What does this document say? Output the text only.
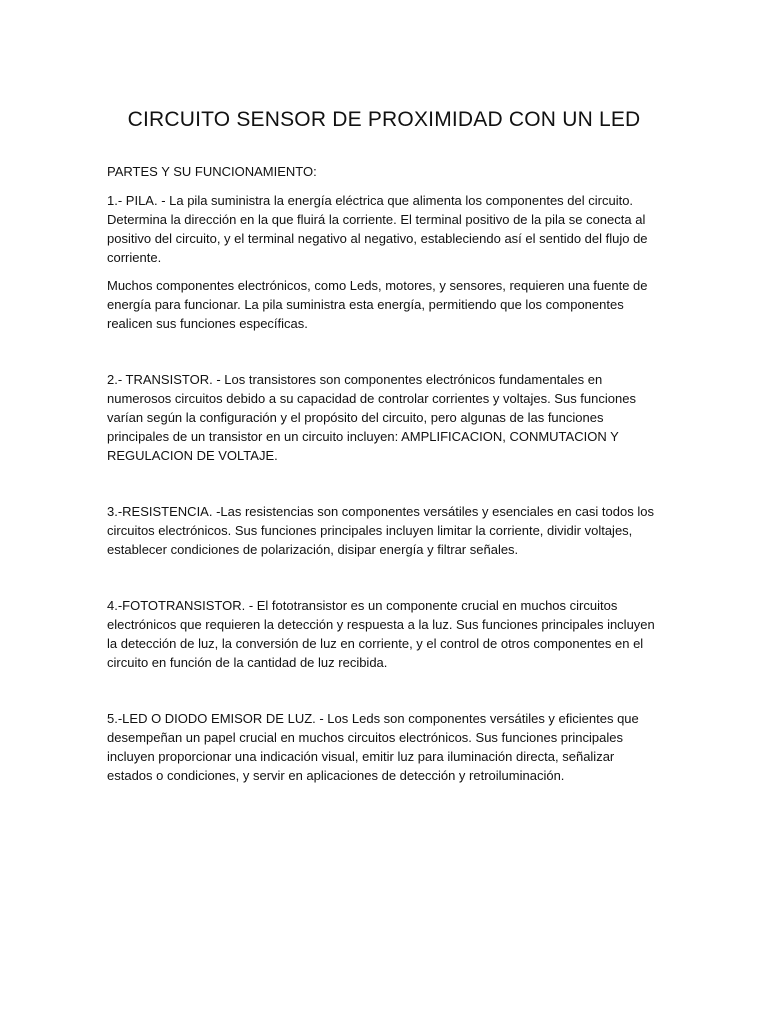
CIRCUITO SENSOR DE PROXIMIDAD CON UN LED

PARTES Y SU FUNCIONAMIENTO:

1.- PILA. - La pila suministra la energía eléctrica que alimenta los componentes del circuito. Determina la dirección en la que fluirá la corriente. El terminal positivo de la pila se conecta al positivo del circuito, y el terminal negativo al negativo, estableciendo así el sentido del flujo de corriente.

Muchos componentes electrónicos, como Leds, motores, y sensores, requieren una fuente de energía para funcionar. La pila suministra esta energía, permitiendo que los componentes realicen sus funciones específicas.

2.- TRANSISTOR. - Los transistores son componentes electrónicos fundamentales en numerosos circuitos debido a su capacidad de controlar corrientes y voltajes. Sus funciones varían según la configuración y el propósito del circuito, pero algunas de las funciones principales de un transistor en un circuito incluyen: AMPLIFICACION, CONMUTACION Y REGULACION DE VOLTAJE.

3.-RESISTENCIA. -Las resistencias son componentes versátiles y esenciales en casi todos los circuitos electrónicos. Sus funciones principales incluyen limitar la corriente, dividir voltajes, establecer condiciones de polarización, disipar energía y filtrar señales.

4.-FOTOTRANSISTOR. - El fototransistor es un componente crucial en muchos circuitos electrónicos que requieren la detección y respuesta a la luz. Sus funciones principales incluyen la detección de luz, la conversión de luz en corriente, y el control de otros componentes en el circuito en función de la cantidad de luz recibida.

5.-LED O DIODO EMISOR DE LUZ. - Los Leds son componentes versátiles y eficientes que desempeñan un papel crucial en muchos circuitos electrónicos. Sus funciones principales incluyen proporcionar una indicación visual, emitir luz para iluminación directa, señalizar estados o condiciones, y servir en aplicaciones de detección y retroiluminación.
